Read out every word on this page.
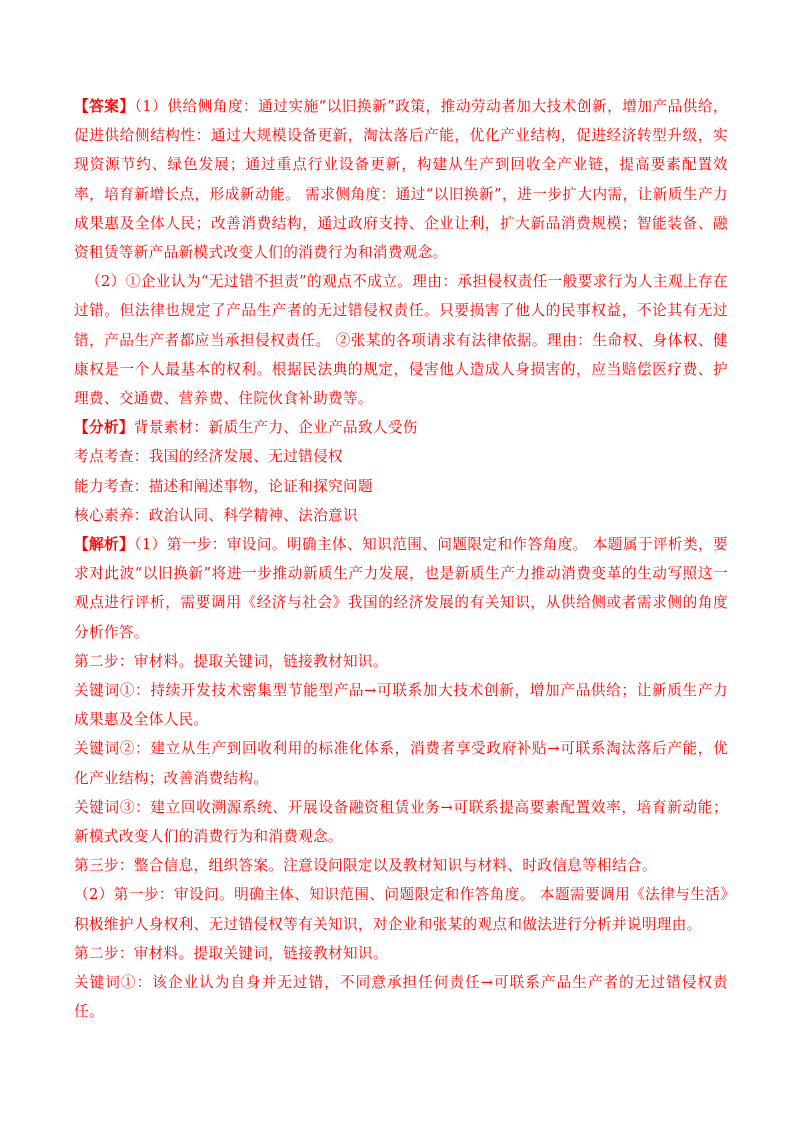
【答案】（1）供给侧角度：通过实施“以旧换新”政策，推动劳动者加大技术创新，增加产品供给，促进供给侧结构性：通过大规模设备更新，淘汰落后产能，优化产业结构，促进经济转型升级，实现资源节约、绿色发展；通过重点行业设备更新，构建从生产到回收全产业链，提高要素配置效率，培育新增长点，形成新动能。 需求侧角度：通过“以旧换新”，进一步扩大内需，让新质生产力成果惠及全体人民；改善消费结构，通过政府支持、企业让利，扩大新品消费规模；智能装备、融资租赁等新产品新模式改变人们的消费行为和消费观念。

（2）①企业认为“无过错不担责”的观点不成立。理由：承担侵权责任一般要求行为人主观上存在过错。但法律也规定了产品生产者的无过错侵权责任。只要损害了他人的民事权益，不论其有无过错，产品生产者都应当承担侵权责任。 ②张某的各项请求有法律依据。理由：生命权、身体权、健康权是一个人最基本的权利。根据民法典的规定，侵害他人造成人身损害的，应当赔偿医疗费、护理费、交通费、营养费、住院伙食补助费等。

【分析】背景素材：新质生产力、企业产品致人受伤

考点考查：我国的经济发展、无过错侵权

能力考查：描述和阐述事物，论证和探究问题

核心素养：政治认同、科学精神、法治意识

【解析】（1）第一步：审设问。明确主体、知识范围、问题限定和作答角度。 本题属于评析类，要求对此波“以旧换新”将进一步推动新质生产力发展，也是新质生产力推动消费变革的生动写照这一观点进行评析，需要调用《经济与社会》我国的经济发展的有关知识，从供给侧或者需求侧的角度分析作答。

第二步：审材料。提取关键词，链接教材知识。

关键词①：持续开发技术密集型节能型产品→可联系加大技术创新，增加产品供给；让新质生产力成果惠及全体人民。

关键词②：建立从生产到回收利用的标准化体系，消费者享受政府补贴→可联系淘汰落后产能，优化产业结构；改善消费结构。

关键词③：建立回收溯源系统、开展设备融资租赁业务→可联系提高要素配置效率，培育新动能；新模式改变人们的消费行为和消费观念。

第三步：整合信息，组织答案。注意设问限定以及教材知识与材料、时政信息等相结合。

（2）第一步：审设问。明确主体、知识范围、问题限定和作答角度。 本题需要调用《法律与生活》积极维护人身权利、无过错侵权等有关知识，对企业和张某的观点和做法进行分析并说明理由。

第二步：审材料。提取关键词，链接教材知识。

关键词①：该企业认为自身并无过错，不同意承担任何责任→可联系产品生产者的无过错侵权责任。
